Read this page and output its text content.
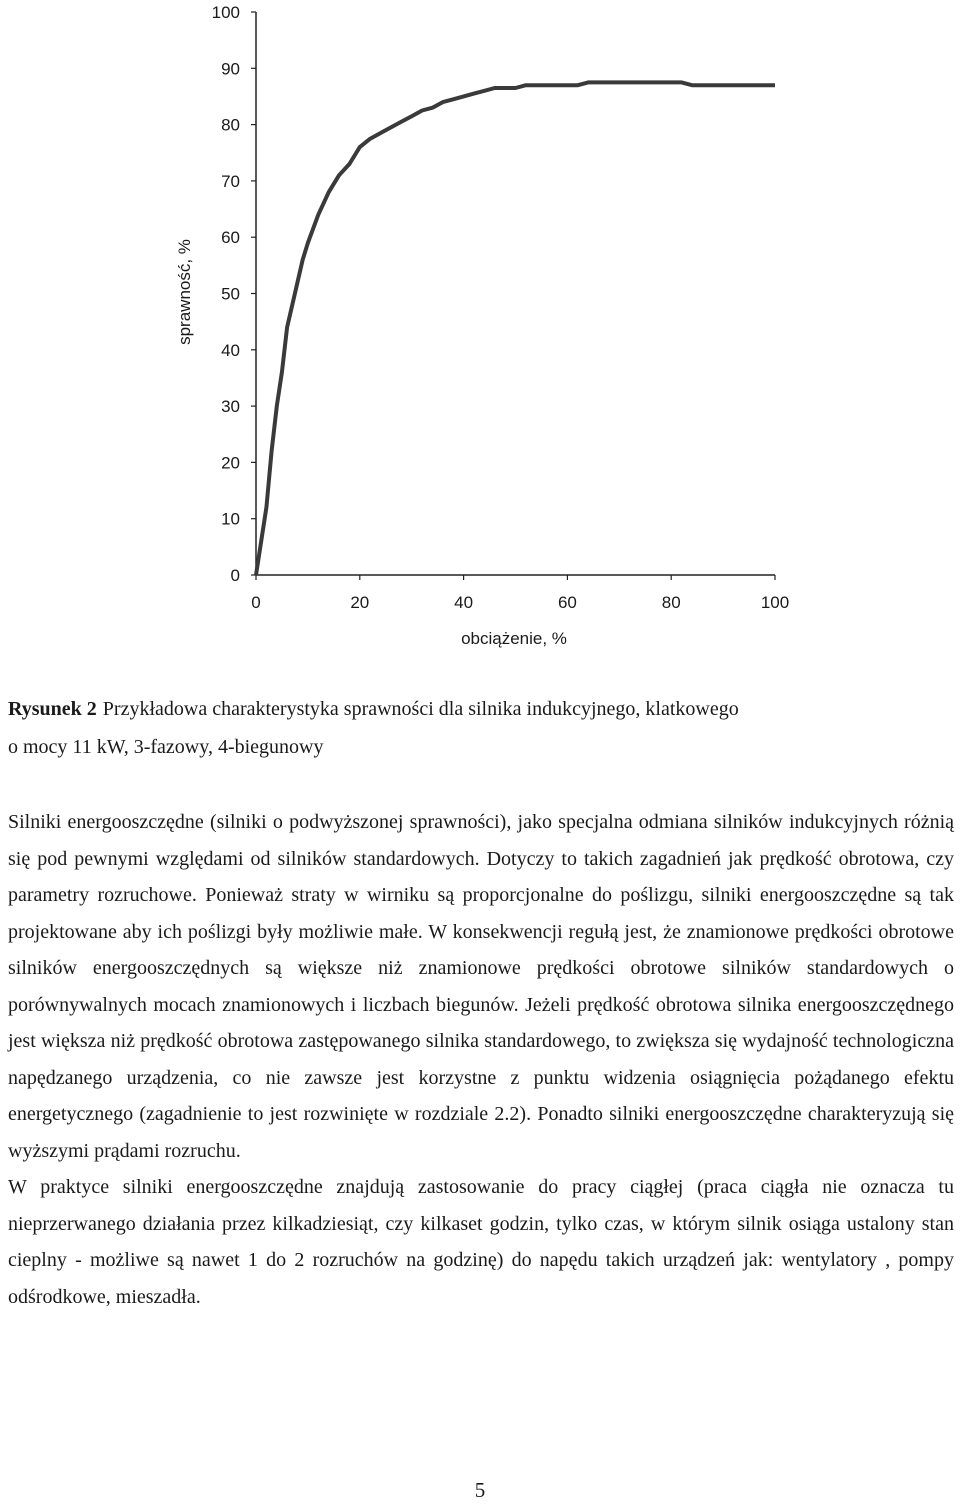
0
10
20
30
40
50
60
70
80
90
100
0	20	40	60	80	100
sprawność, %
obciążenie, %
Rysunek 2 Przykładowa charakterystyka sprawności dla silnika indukcyjnego, klatkowego
o mocy 11 kW, 3-fazowy, 4-biegunowy

Silniki energooszczędne (silniki o podwyższonej sprawności), jako specjalna odmiana silników indukcyjnych różnią się pod pewnymi względami od silników standardowych. Dotyczy to takich zagadnień jak prędkość obrotowa, czy parametry rozruchowe. Ponieważ straty w wirniku są proporcjonalne do poślizgu, silniki energooszczędne są tak projektowane aby ich poślizgi były możliwie małe. W konsekwencji regułą jest, że znamionowe prędkości obrotowe silników energooszczędnych są większe niż znamionowe prędkości obrotowe silników standardowych o porównywalnych mocach znamionowych i liczbach biegunów. Jeżeli prędkość obrotowa silnika energooszczędnego jest większa niż prędkość obrotowa zastępowanego silnika standardowego, to zwiększa się wydajność technologiczna napędzanego urządzenia, co nie zawsze jest korzystne z punktu widzenia osiągnięcia pożądanego efektu energetycznego (zagadnienie to jest rozwinięte w rozdziale 2.2). Ponadto silniki energooszczędne charakteryzują się wyższymi prądami rozruchu.

W praktyce silniki energooszczędne znajdują zastosowanie do pracy ciągłej (praca ciągła nie oznacza tu nieprzerwanego działania przez kilkadziesiąt, czy kilkaset godzin, tylko czas, w którym silnik osiąga ustalony stan cieplny - możliwe są nawet 1 do 2 rozruchów na godzinę) do napędu takich urządzeń jak: wentylatory , pompy odśrodkowe, mieszadła.

5
